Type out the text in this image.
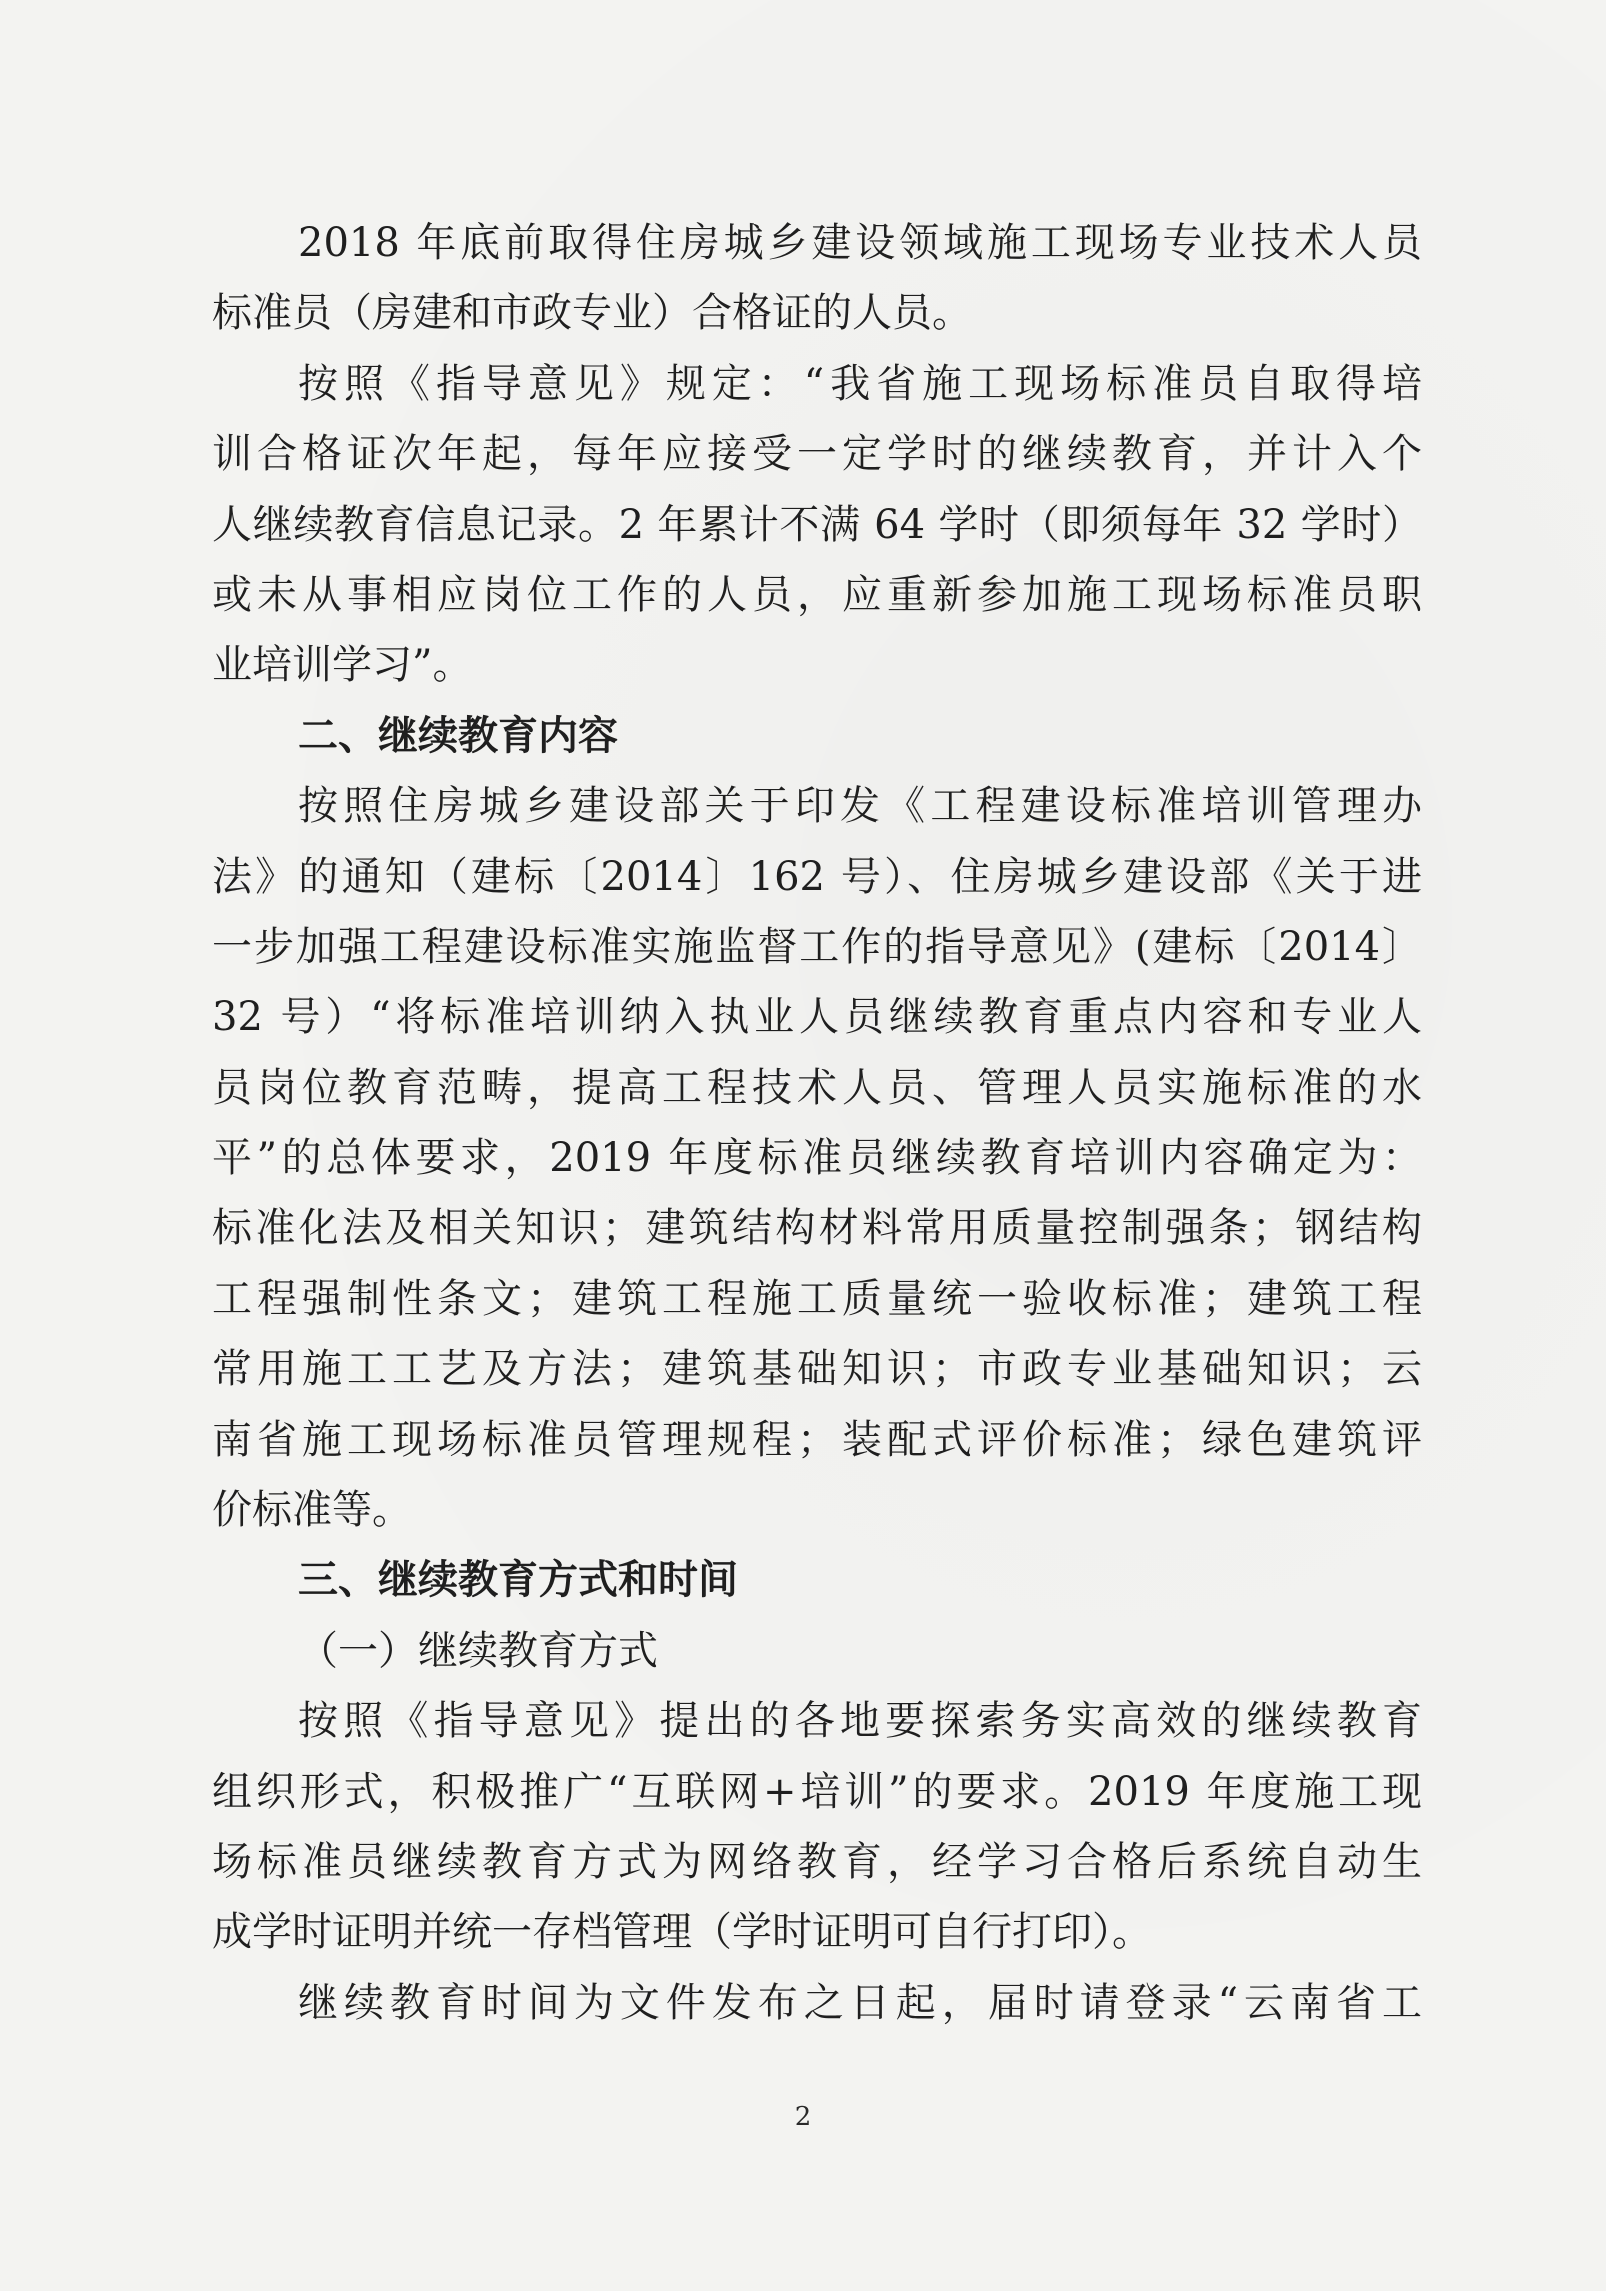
2018 年底前取得住房城乡建设领域施工现场专业技术人员
标准员（房建和市政专业）合格证的人员。
按照《指导意见》规定：“我省施工现场标准员自取得培
训合格证次年起，每年应接受一定学时的继续教育，并计入个
人继续教育信息记录。2 年累计不满 64 学时（即须每年 32 学时）
或未从事相应岗位工作的人员，应重新参加施工现场标准员职
业培训学习”。
二、继续教育内容
按照住房城乡建设部关于印发《工程建设标准培训管理办
法》的通知（建标〔2014〕162 号）、住房城乡建设部《关于进
一步加强工程建设标准实施监督工作的指导意见》(建标〔2014〕
32 号）“将标准培训纳入执业人员继续教育重点内容和专业人
员岗位教育范畴，提高工程技术人员、管理人员实施标准的水
平”的总体要求，2019 年度标准员继续教育培训内容确定为：
标准化法及相关知识；建筑结构材料常用质量控制强条；钢结构
工程强制性条文；建筑工程施工质量统一验收标准；建筑工程
常用施工工艺及方法；建筑基础知识；市政专业基础知识；云
南省施工现场标准员管理规程；装配式评价标准；绿色建筑评
价标准等。
三、继续教育方式和时间
（一）继续教育方式
按照《指导意见》提出的各地要探索务实高效的继续教育
组织形式，积极推广“互联网+培训”的要求。2019 年度施工现
场标准员继续教育方式为网络教育，经学习合格后系统自动生
成学时证明并统一存档管理（学时证明可自行打印）。
继续教育时间为文件发布之日起，届时请登录“云南省工
2
